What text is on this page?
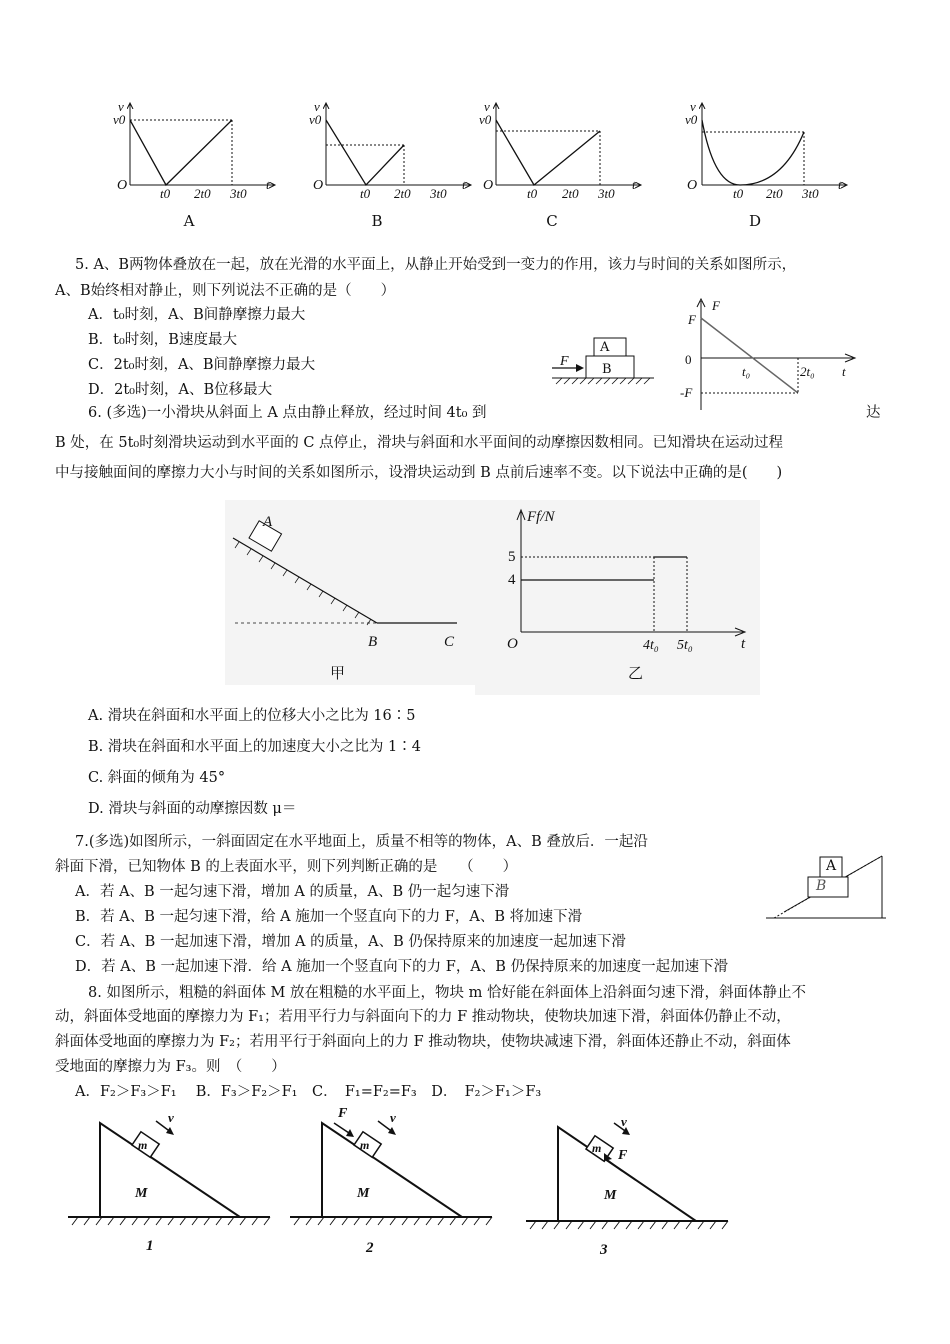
v
v0
O	t
t0 2t0 3t0
v
v0
O	t
t0 2t0 3t0
v
v0
O	t
t0 2t0 3t0
v
v0
O	t
t0 2t0 3t0
A	B	C	D
5. A、B两物体叠放在一起，放在光滑的水平面上，从静止开始受到一变力的作用，该力与时间的关系如图所示，
A、B始终相对静止，则下列说法不正确的是（　　）
A．t₀时刻，A、B间静摩擦力最大
B．t₀时刻，B速度最大
C．2t₀时刻，A、B间静摩擦力最大
D．2t₀时刻，A、B位移最大
A
B
F
F
F
0
-F
t₀	2t₀ t
6. (多选)一小滑块从斜面上 A 点由静止释放，经过时间 4t₀ 到	达
B 处，在 5t₀时刻滑块运动到水平面的 C 点停止，滑块与斜面和水平面间的动摩擦因数相同。已知滑块在运动过程
中与接触面间的摩擦力大小与时间的关系如图所示，设滑块运动到 B 点前后速率不变。以下说法中正确的是(　　)
A
B	C
甲
Ff/N
5
4
O	4t₀ 5t₀	t
乙
A. 滑块在斜面和水平面上的位移大小之比为 16∶5
B. 滑块在斜面和水平面上的加速度大小之比为 1∶4
C. 斜面的倾角为 45°
D. 滑块与斜面的动摩擦因数 μ＝
7.(多选)如图所示，一斜面固定在水平地面上，质量不相等的物体，A、B 叠放后．一起沿
斜面下滑，已知物体 B 的上表面水平，则下列判断正确的是　　（　　）
A．若 A、B 一起匀速下滑，增加 A 的质量，A、B 仍一起匀速下滑
B．若 A、B 一起匀速下滑，给 A 施加一个竖直向下的力 F，A、B 将加速下滑
C．若 A、B 一起加速下滑，增加 A 的质量，A、B 仍保持原来的加速度一起加速下滑
D．若 A、B 一起加速下滑．给 A 施加一个竖直向下的力 F，A、B 仍保持原来的加速度一起加速下滑
A
B
8. 如图所示，粗糙的斜面体 M 放在粗糙的水平面上，物块 m 恰好能在斜面体上沿斜面匀速下滑，斜面体静止不
动，斜面体受地面的摩擦力为 F₁；若用平行力与斜面向下的力 F 推动物块，使物块加速下滑，斜面体仍静止不动，
斜面体受地面的摩擦力为 F₂；若用平行于斜面向上的力 F 推动物块，使物块减速下滑，斜面体还静止不动，斜面体
受地面的摩擦力为 F₃。则　（　　）
A．F₂＞F₃＞F₁　 B．F₃＞F₂＞F₁　C．　F₁=F₂=F₃　D．　F₂＞F₁＞F₃
m
M
v
1
m
M
v
F
2
m
M
v
F
3
